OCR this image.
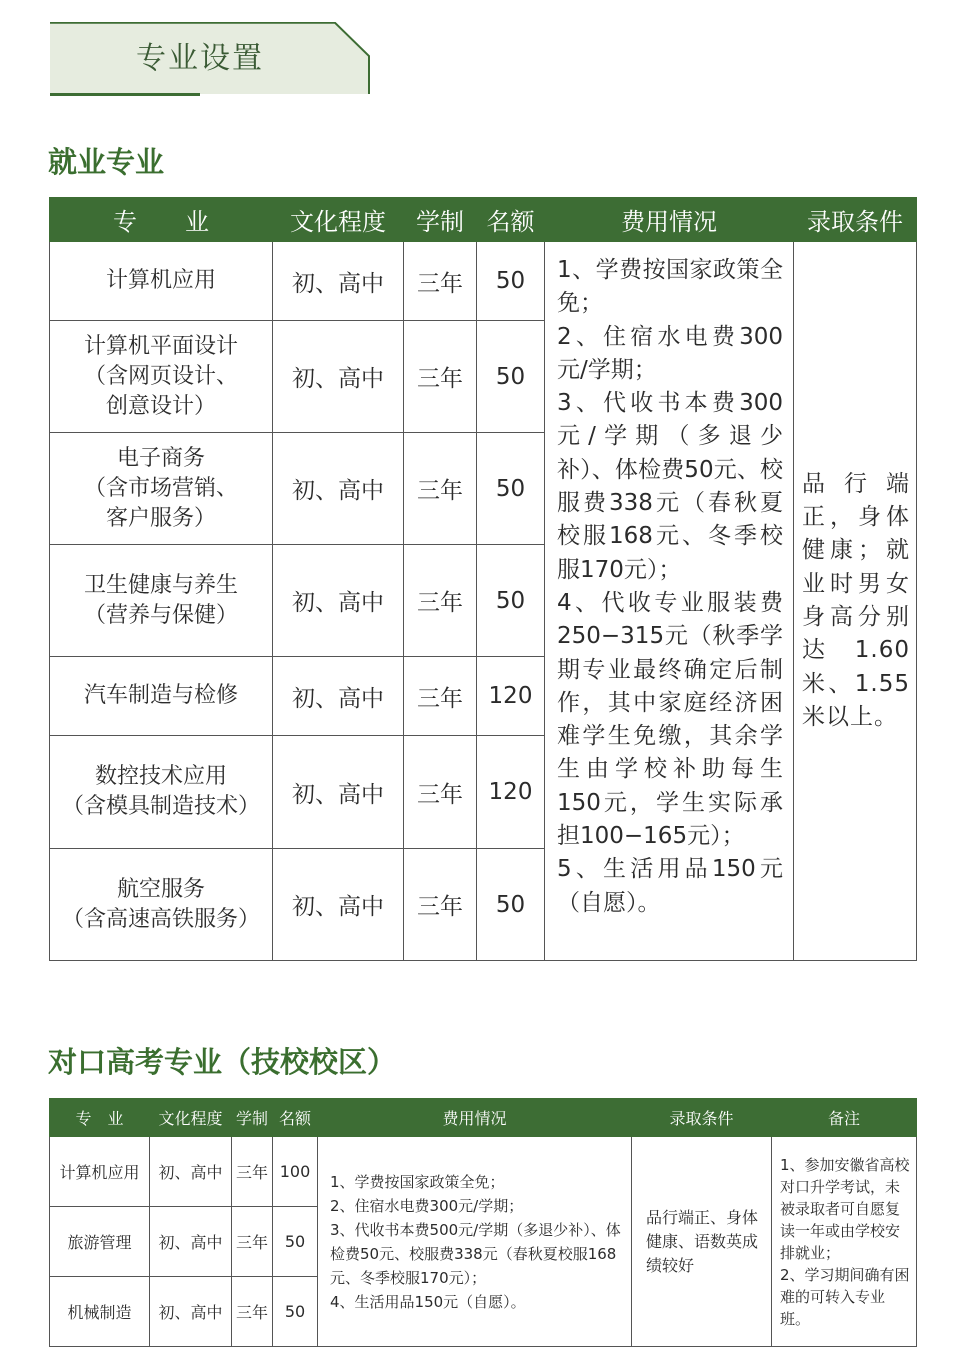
专业设置
就业专业
专　　业	文化程度	学制	名额	费用情况	录取条件
计算机应用	初、高中	三年	50	1、学费按国家政策全免；
2、住宿水电费300元/学期；
3、代收书本费300元/学期（多退少补）、体检费50元、校服费338元（春秋夏校服168元、冬季校服170元）；
4、代收专业服装费250−315元（秋季学期专业最终确定后制作，其中家庭经济困难学生免缴，其余学生由学校补助每生150元，学生实际承担100−165元）；
5、生活用品150元（自愿）。	品行端正，身体健康；就业时男女身高分别达1.60米、1.55米以上。
计算机平面设计
（含网页设计、
创意设计）	初、高中	三年	50		
电子商务
（含市场营销、
客户服务）	初、高中	三年	50		
卫生健康与养生
（营养与保健）	初、高中	三年	50		
汽车制造与检修	初、高中	三年	120		
数控技术应用
（含模具制造技术）	初、高中	三年	120		
航空服务
（含高速高铁服务）	初、高中	三年	50		
对口高考专业（技校校区）
专　业	文化程度	学制	名额	费用情况	录取条件	备注
计算机应用	初、高中	三年	100	1、学费按国家政策全免；
2、住宿水电费300元/学期；
3、代收书本费500元/学期（多退少补）、体检费50元、校服费338元（春秋夏校服168元、冬季校服170元）；
4、生活用品150元（自愿）。	品行端正、身体健康、语数英成绩较好	1、参加安徽省高校对口升学考试，未被录取者可自愿复读一年或由学校安排就业；
2、学习期间确有困难的可转入专业班。
旅游管理	初、高中	三年	50			
机械制造	初、高中	三年	50			
